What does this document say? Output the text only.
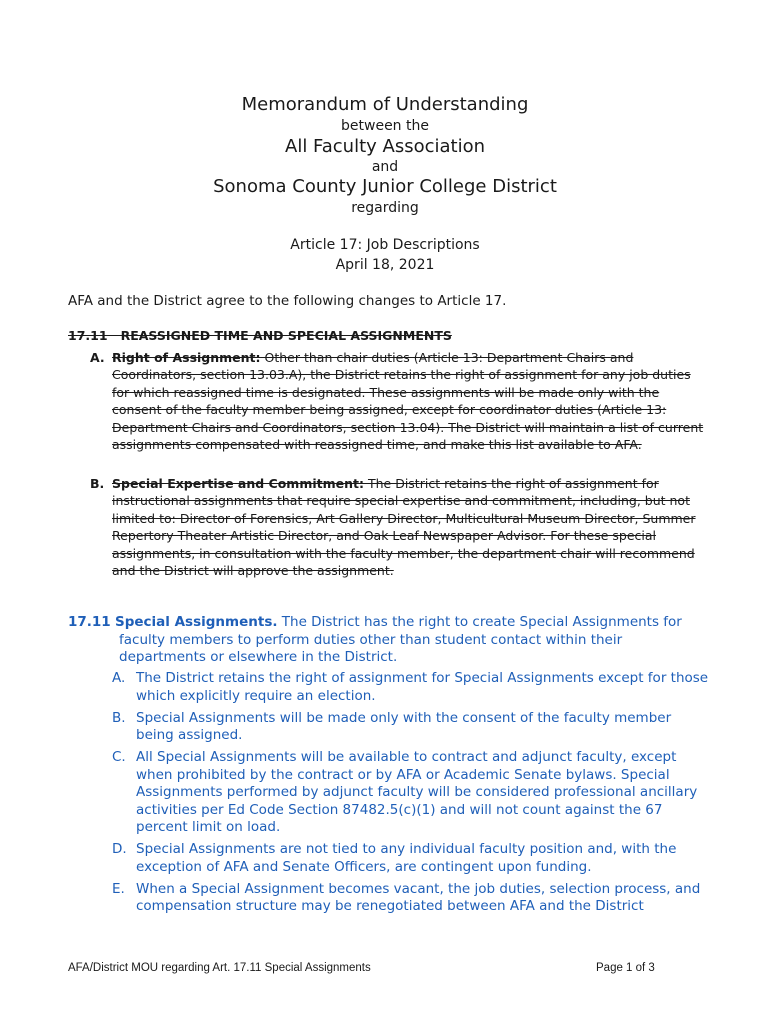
Memorandum of Understanding
between the
All Faculty Association
and
Sonoma County Junior College District
regarding
Article 17: Job Descriptions
April 18, 2021
AFA and the District agree to the following changes to Article 17.
17.11   REASSIGNED TIME AND SPECIAL ASSIGNMENTS
A. Right of Assignment: Other than chair duties (Article 13: Department Chairs and Coordinators, section 13.03.A), the District retains the right of assignment for any job duties for which reassigned time is designated. These assignments will be made only with the consent of the faculty member being assigned, except for coordinator duties (Article 13: Department Chairs and Coordinators, section 13.04). The District will maintain a list of current assignments compensated with reassigned time, and make this list available to AFA.
B. Special Expertise and Commitment: The District retains the right of assignment for instructional assignments that require special expertise and commitment, including, but not limited to: Director of Forensics, Art Gallery Director, Multicultural Museum Director, Summer Repertory Theater Artistic Director, and Oak Leaf Newspaper Advisor. For these special assignments, in consultation with the faculty member, the department chair will recommend and the District will approve the assignment.
17.11 Special Assignments. The District has the right to create Special Assignments for
faculty members to perform duties other than student contact within their departments or elsewhere in the District.
A. The District retains the right of assignment for Special Assignments except for those which explicitly require an election.
B. Special Assignments will be made only with the consent of the faculty member being assigned.
C. All Special Assignments will be available to contract and adjunct faculty, except when prohibited by the contract or by AFA or Academic Senate bylaws. Special Assignments performed by adjunct faculty will be considered professional ancillary activities per Ed Code Section 87482.5(c)(1) and will not count against the 67 percent limit on load.
D. Special Assignments are not tied to any individual faculty position and, with the exception of AFA and Senate Officers, are contingent upon funding.
E. When a Special Assignment becomes vacant, the job duties, selection process, and compensation structure may be renegotiated between AFA and the District
AFA/District MOU regarding Art. 17.11 Special Assignments	Page 1 of 3
